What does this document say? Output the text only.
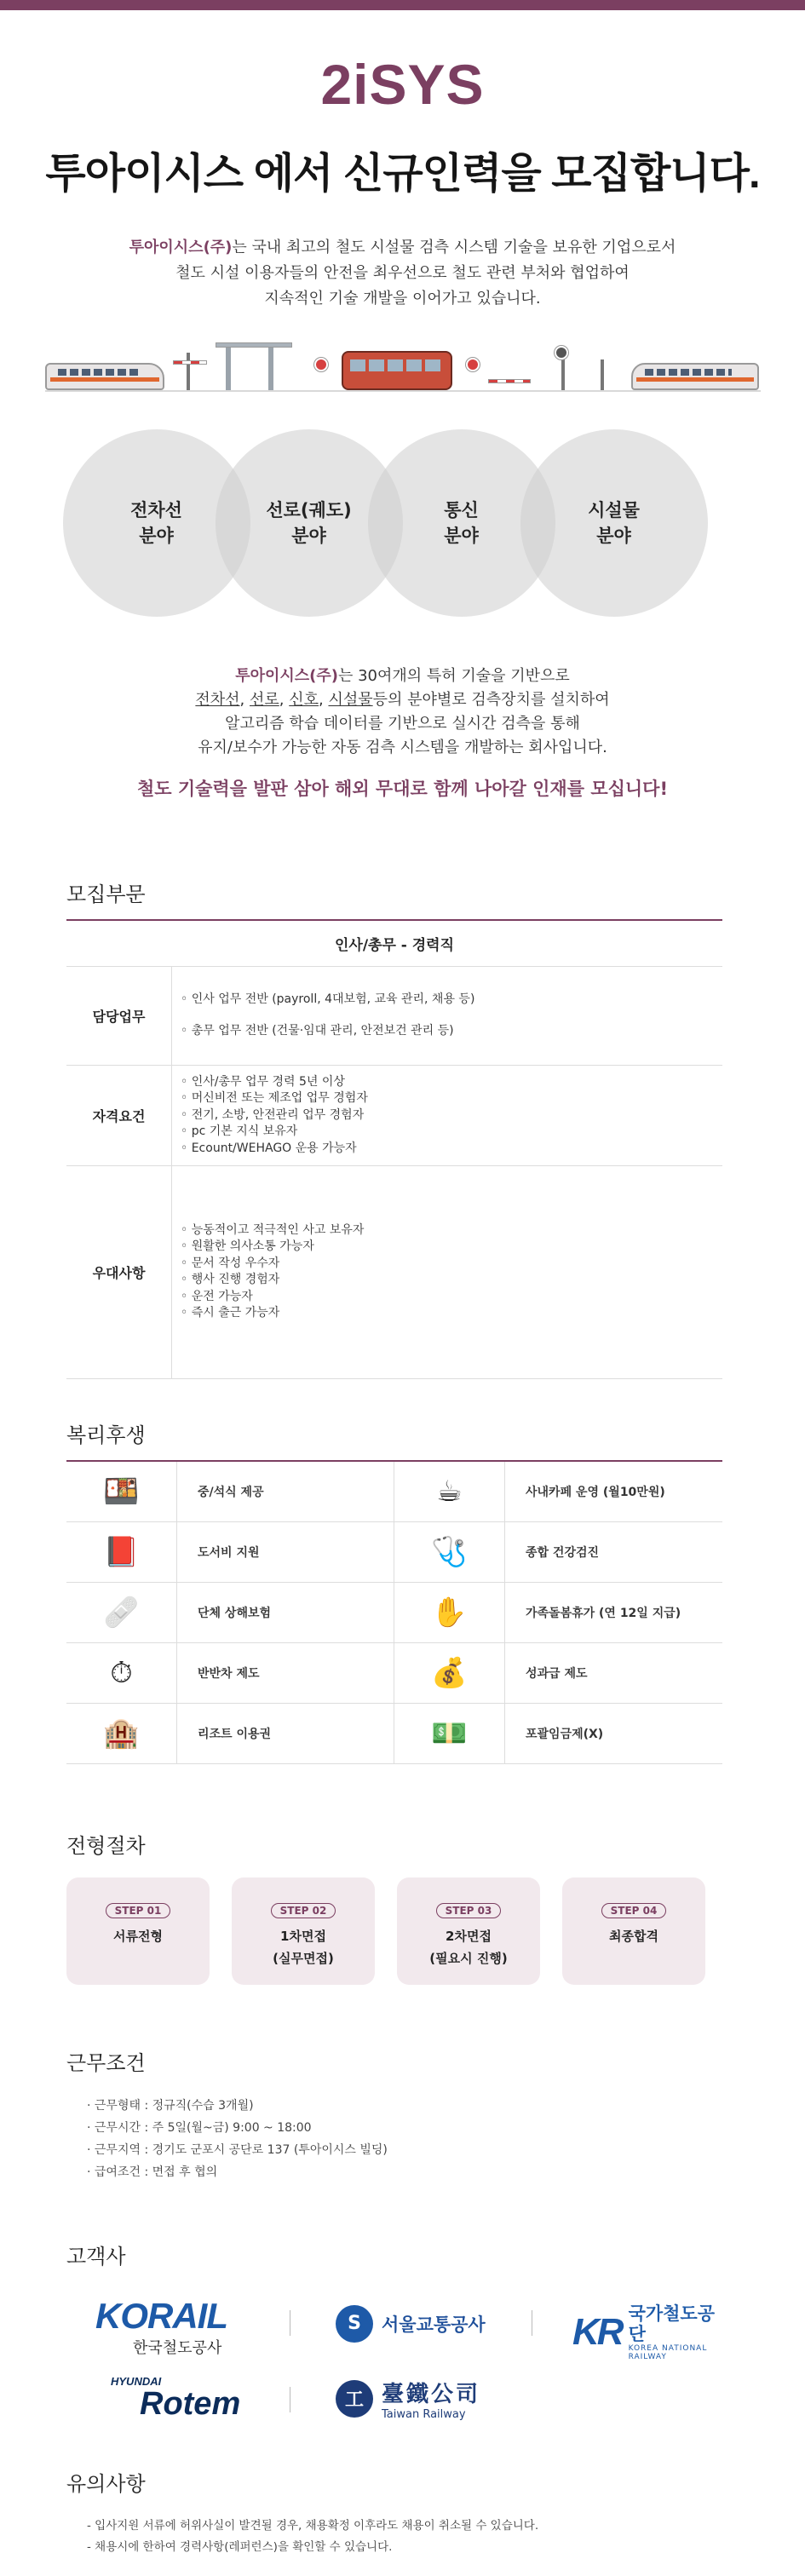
2iSYS
투아이시스 에서 신규인력을 모집합니다.
투아이시스(주)는 국내 최고의 철도 시설물 검측 시스템 기술을 보유한 기업으로서
철도 시설 이용자들의 안전을 최우선으로 철도 관련 부처와 협업하여
지속적인 기술 개발을 이어가고 있습니다.
전차선
분야
선로(궤도)
분야
통신
분야
시설물
분야
투아이시스(주)는 30여개의 특허 기술을 기반으로
전차선, 선로, 신호, 시설물등의 분야별로 검측장치를 설치하여
알고리즘 학습 데이터를 기반으로 실시간 검측을 통해
유지/보수가 가능한 자동 검측 시스템을 개발하는 회사입니다.
철도 기술력을 발판 삼아 해외 무대로 함께 나아갈 인재를 모십니다!
모집부문
인사/총무 - 경력직
담당업무
◦ 인사 업무 전반 (payroll, 4대보험, 교육 관리, 채용 등)
◦ 총무 업무 전반 (건물·임대 관리, 안전보건 관리 등)
자격요건
◦ 인사/총무 업무 경력 5년 이상
◦ 머신비전 또는 제조업 업무 경험자
◦ 전기, 소방, 안전관리 업무 경험자
◦ pc 기본 지식 보유자
◦ Ecount/WEHAGO 운용 가능자
우대사항
◦ 능동적이고 적극적인 사고 보유자
◦ 원활한 의사소통 가능자
◦ 문서 작성 우수자
◦ 행사 진행 경험자
◦ 운전 가능자
◦ 즉시 출근 가능자
복리후생
🍱	중/석식 제공	☕	사내카페 운영 (월10만원)
📕	도서비 지원	🩺	종합 건강검진
🩹	단체 상해보험	✋	가족돌봄휴가 (연 12일 지급)
⏱	반반차 제도	💰	성과급 제도
🏨	리조트 이용권	💵	포괄임금제(X)
전형절차
STEP 01
서류전형
STEP 02
1차면접
(실무면접)
STEP 03
2차면접
(필요시 진행)
STEP 04
최종합격
근무조건
· 근무형태 : 정규직(수습 3개월)
· 근무시간 : 주 5일(월~금) 9:00 ~ 18:00
· 근무지역 : 경기도 군포시 공단로 137 (투아이시스 빌딩)
· 급여조건 : 면접 후 협의
고객사
KORAIL
한국철도공사
S	서울교통공사 KR 국가철도공단
KOREA NATIONAL RAILWAY
HYUNDAI
Rotem	工 臺鐵公司
Taiwan Railway
유의사항
- 입사지원 서류에 허위사실이 발견될 경우, 채용확정 이후라도 채용이 취소될 수 있습니다.
- 채용시에 한하여 경력사항(레퍼런스)을 확인할 수 있습니다.
